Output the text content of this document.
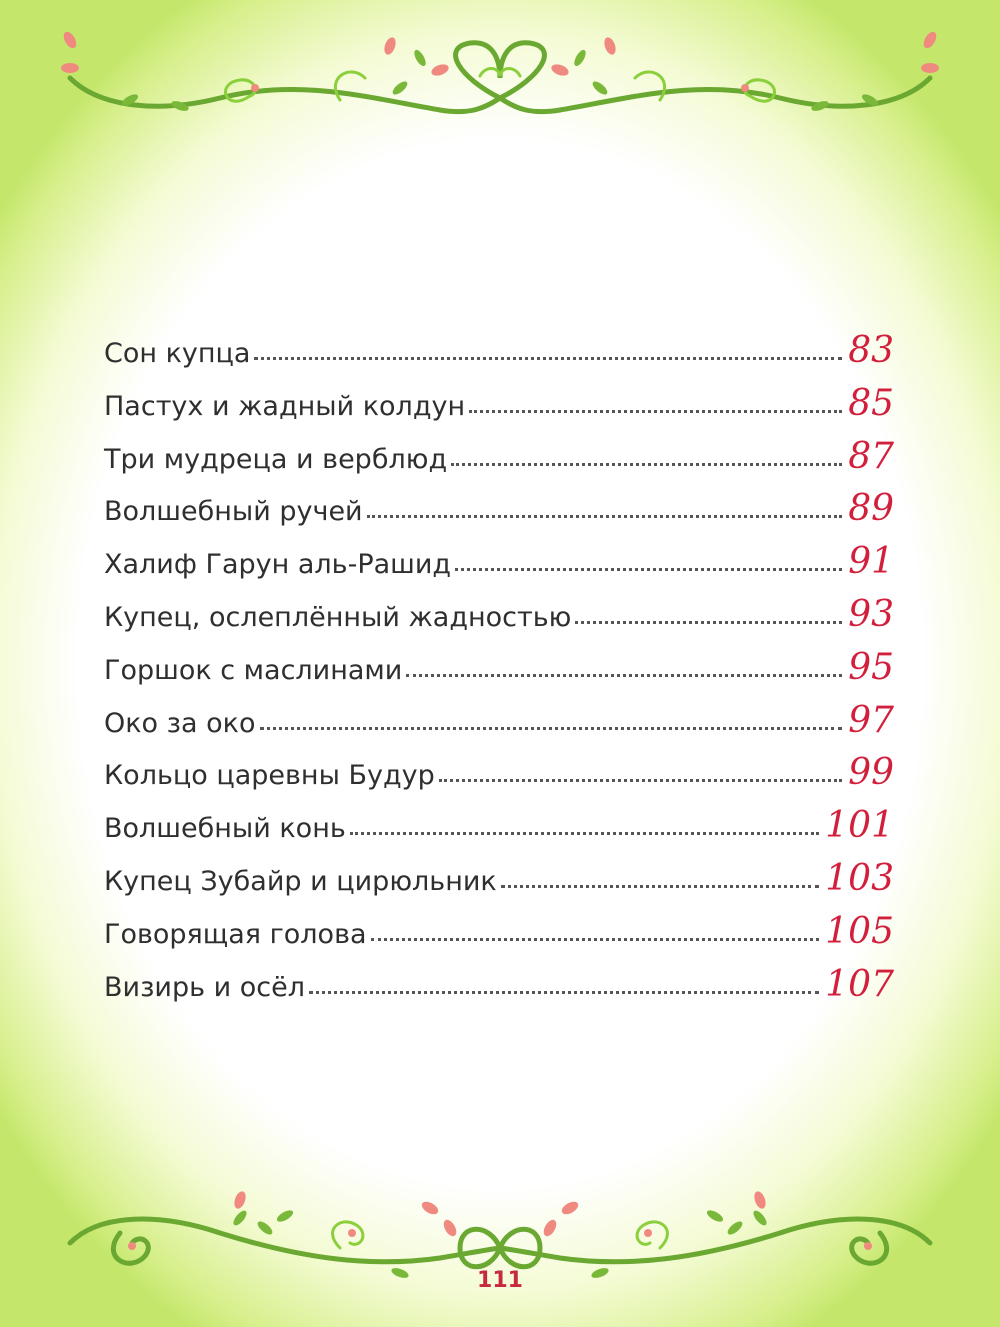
Сон купца	83
Пастух и жадный колдун	85
Три мудреца и верблюд	87
Волшебный ручей	89
Халиф Гарун аль-Рашид	91
Купец, ослеплённый жадностью	93
Горшок с маслинами	95
Око за око	97
Кольцо царевны Будур	99
Волшебный конь	101
Купец Зубайр и цирюльник	103
Говорящая голова	105
Визирь и осёл	107
111
